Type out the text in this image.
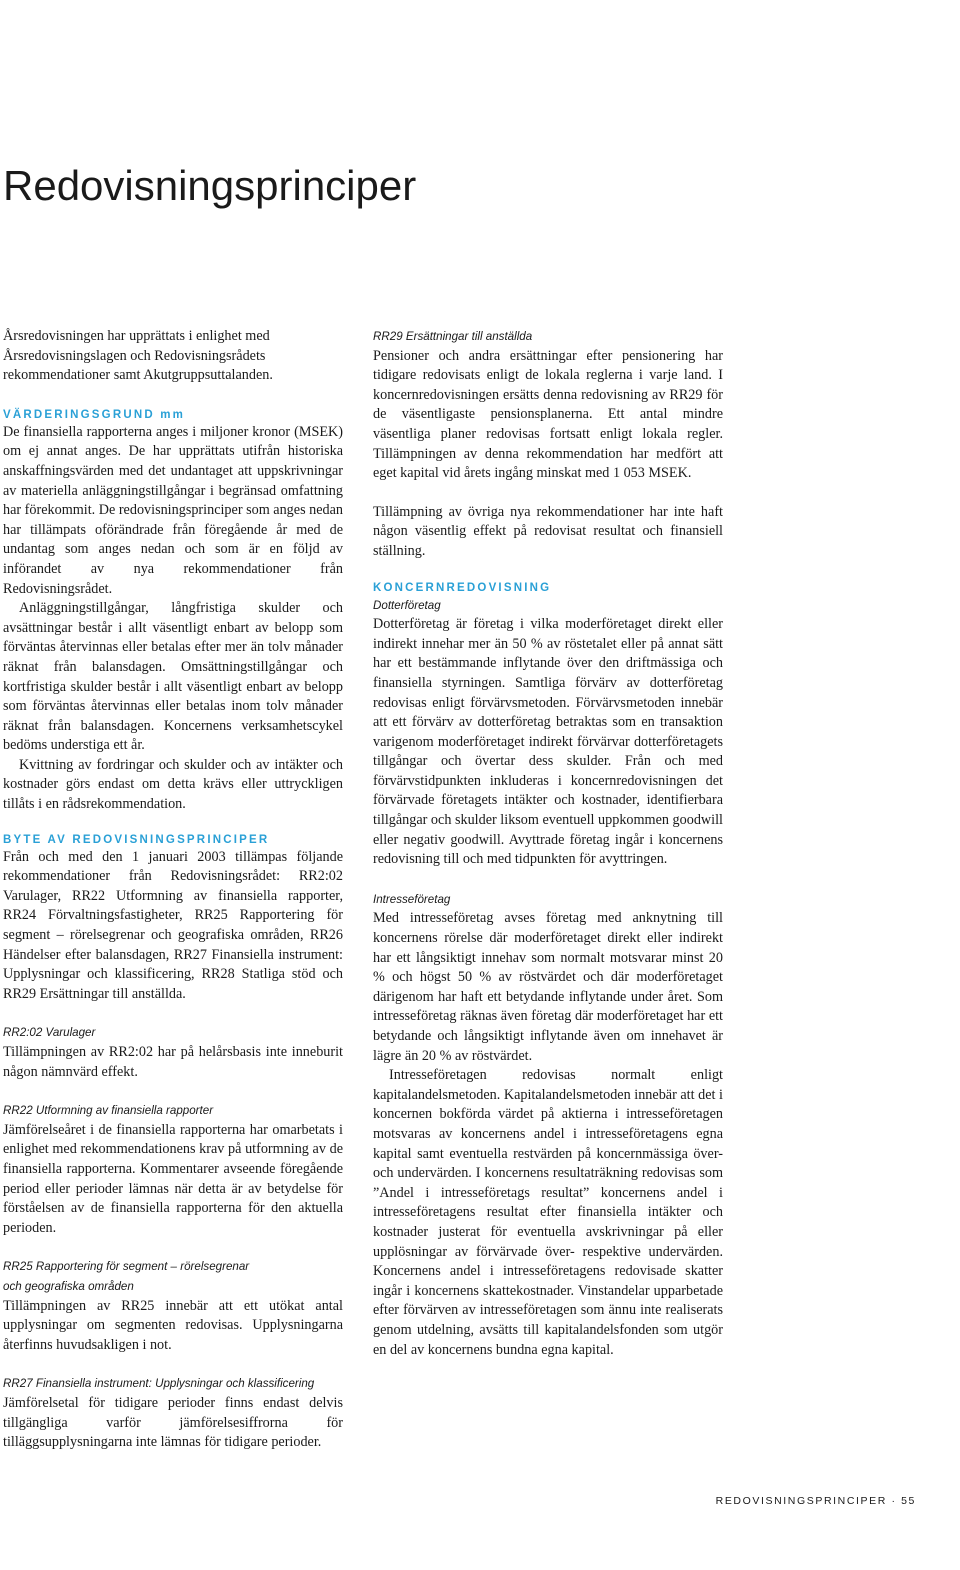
Redovisningsprinciper

Årsredovisningen har upprättats i enlighet med Årsredovisningslagen och Redovisningsrådets rekommendationer samt Akutgruppsuttalanden.

VÄRDERINGSGRUND mm

De finansiella rapporterna anges i miljoner kronor (MSEK) om ej annat anges. De har upprättats utifrån historiska anskaffningsvärden med det undantaget att uppskrivningar av materiella anläggningstillgångar i begränsad omfattning har förekommit. De redovisningsprinciper som anges nedan har tillämpats oförändrade från föregående år med de undantag som anges nedan och som är en följd av införandet av nya rekommendationer från Redovisningsrådet.

Anläggningstillgångar, långfristiga skulder och avsättningar består i allt väsentligt enbart av belopp som förväntas återvinnas eller betalas efter mer än tolv månader räknat från balansdagen. Omsättningstillgångar och kortfristiga skulder består i allt väsentligt enbart av belopp som förväntas återvinnas eller betalas inom tolv månader räknat från balansdagen. Koncernens verksamhetscykel bedöms understiga ett år.

Kvittning av fordringar och skulder och av intäkter och kostnader görs endast om detta krävs eller uttryckligen tillåts i en rådsrekommendation.

BYTE AV REDOVISNINGSPRINCIPER

Från och med den 1 januari 2003 tillämpas följande rekommendationer från Redovisningsrådet: RR2:02 Varulager, RR22 Utformning av finansiella rapporter, RR24 Förvaltningsfastigheter, RR25 Rapportering för segment – rörelsegrenar och geografiska områden, RR26 Händelser efter balansdagen, RR27 Finansiella instrument: Upplysningar och klassificering, RR28 Statliga stöd och RR29 Ersättningar till anställda.

RR2:02 Varulager

Tillämpningen av RR2:02 har på helårsbasis inte inneburit någon nämnvärd effekt.

RR22 Utformning av finansiella rapporter

Jämförelseåret i de finansiella rapporterna har omarbetats i enlighet med rekommendationens krav på utformning av de finansiella rapporterna. Kommentarer avseende föregående period eller perioder lämnas när detta är av betydelse för förståelsen av de finansiella rapporterna för den aktuella perioden.

RR25 Rapportering för segment – rörelsegrenar
och geografiska områden

Tillämpningen av RR25 innebär att ett utökat antal upplysningar om segmenten redovisas. Upplysningarna återfinns huvudsakligen i not.

RR27 Finansiella instrument: Upplysningar och klassificering

Jämförelsetal för tidigare perioder finns endast delvis tillgängliga varför jämförelsesiffrorna för tilläggsupplysningarna inte lämnas för tidigare perioder.

RR29 Ersättningar till anställda

Pensioner och andra ersättningar efter pensionering har tidigare redovisats enligt de lokala reglerna i varje land. I koncernredovisningen ersätts denna redovisning av RR29 för de väsentligaste pensionsplanerna. Ett antal mindre väsentliga planer redovisas fortsatt enligt lokala regler. Tillämpningen av denna rekommendation har medfört att eget kapital vid årets ingång minskat med 1 053 MSEK.

Tillämpning av övriga nya rekommendationer har inte haft någon väsentlig effekt på redovisat resultat och finansiell ställning.

KONCERNREDOVISNING
Dotterföretag

Dotterföretag är företag i vilka moderföretaget direkt eller indirekt innehar mer än 50 % av röstetalet eller på annat sätt har ett bestämmande inflytande över den driftmässiga och finansiella styrningen. Samtliga förvärv av dotterföretag redovisas enligt förvärvsmetoden. Förvärvsmetoden innebär att ett förvärv av dotterföretag betraktas som en transaktion varigenom moderföretaget indirekt förvärvar dotterföretagets tillgångar och övertar dess skulder. Från och med förvärvstidpunkten inkluderas i koncernredovisningen det förvärvade företagets intäkter och kostnader, identifierbara tillgångar och skulder liksom eventuell uppkommen goodwill eller negativ goodwill. Avyttrade företag ingår i koncernens redovisning till och med tidpunkten för avyttringen.

Intresseföretag

Med intresseföretag avses företag med anknytning till koncernens rörelse där moderföretaget direkt eller indirekt har ett långsiktigt innehav som normalt motsvarar minst 20 % och högst 50 % av röstvärdet och där moderföretaget därigenom har haft ett betydande inflytande under året. Som intresseföretag räknas även företag där moderföretaget har ett betydande och långsiktigt inflytande även om innehavet är lägre än 20 % av röstvärdet.

Intresseföretagen redovisas normalt enligt kapitalandelsmetoden. Kapitalandelsmetoden innebär att det i koncernen bokförda värdet på aktierna i intresseföretagen motsvaras av koncernens andel i intresseföretagens egna kapital samt eventuella restvärden på koncernmässiga över- och undervärden. I koncernens resultaträkning redovisas som ”Andel i intresseföretags resultat” koncernens andel i intresseföretagens resultat efter finansiella intäkter och kostnader justerat för eventuella avskrivningar på eller upplösningar av förvärvade över- respektive undervärden. Koncernens andel i intresseföretagens redovisade skatter ingår i koncernens skattekostnader. Vinstandelar upparbetade efter förvärven av intresseföretagen som ännu inte realiserats genom utdelning, avsätts till kapitalandelsfonden som utgör en del av koncernens bundna egna kapital.

REDOVISNINGSPRINCIPER · 55
